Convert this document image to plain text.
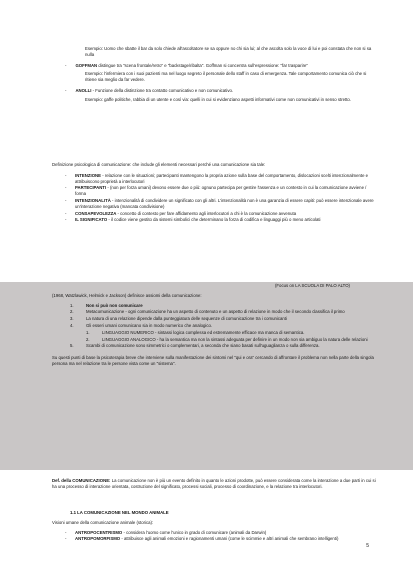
Esempio: Uomo che sbatte il bar da solo chiede all'ascoltatore se sa oppure no chi sia lui; al che ascolta solo la voce di lui e poi constata che non si sa nulla

- GOFFMAN distingue tra "scena frontale/retro" e "backstage/ribalta". Goffman si concentra sull'espressione: "far trasparire"

Esempio: l'infermiera con i suoi pazienti ma nel luogo segreto il personale dello staff in caso di emergenza. Tale comportamento comunica ciò che si ritiene sia meglio da far vedere.

- ANOLLI - Funzione della distinzione tra contatto comunicativo e non comunicativo.

Esempio: gaffe politiche, rabbia di un utente e così via: quelli in cui si evidenziano aspetti informativi come non comunicativi in senso stretto.

Definizione psicologica di comunicazione: che include gli elementi necessari perché una comunicazione sia tale:

- INTENZIONE - relazione con le situazioni; partecipanti mantengono la propria azione sulla base del comportamento, dislocazioni scelti intenzionalmente e attribuiscono proprietà a interlocutori
- PARTECIPANTI - (non per forza umani) devono essere due o più: ognuno partecipa per gestire l'assenza e un contesto in cui la comunicazione avviene / forma
- INTENZIONALITÀ - intenzionalità di condividere un significato con gli altri. L'intenzionalità non è una garanzia di essere capiti: può essere intenzionale avere un'interazione negativa (mancata condivisione)
- CONSAPEVOLEZZA - concetto di contesto per fare affidamento agli interlocutori a chi è la comunicazione avvenuta
- IL SIGNIFICATO - il codice viene gestito da sistemi simbolici che determinano la forza di codifica e linguaggi più o meno articolati

(Focus on LA SCUOLA DI PALO ALTO)

(1968, Watzlawick, Helmick e Jackson) definisce assiomi della comunicazione:

1.	Non si può non comunicare
2.	Metacomunicazione - ogni comunicazione ha un aspetto di contenuto e un aspetto di relazione in modo che il secondo classifica il primo
3.	La natura di una relazione dipende dalla punteggiatura delle sequenze di comunicazione tra i comunicanti
4.	Gli esseri umani comunicano sia in modo numerico che analogico.
1.	LINGUAGGIO NUMERICO - sintassi logica complessa ed estremamente efficace ma manca di semantica.
2.	LINGUAGGIO ANALOGICO - ha la semantica ma non la sintassi adeguata per definire in un modo non sia ambiguo la natura delle relazioni
5.	Scambi di comunicazione sono simmetrici o complementari, a seconda che siano basati sull'uguaglianza o sulla differenza.

Su questi punti di base la psicoterapia breve che interviene sulla manifestazione dei sintomi nel "qui e ora" cercando di affrontare il problema non nella parte della singola persona ma nel relazione tra le persone vista come un "sistema".

Def. della COMUNICAZIONE: La comunicazione non è più un evento definito in quanto le azioni prodotte, può essere considerata come la interazione a due parti in cui si ha una processo di interazione orientata, costruzione del significato, processi sociali, processo di coordinazione, e la relazione tra interlocutori.

1.1 LA COMUNICAZIONE NEL MONDO ANIMALE

Visioni umane della comunicazione animale (storica):

- ANTROPOCENTRISMO - considera l'uomo come l'unico in grado di comunicare (animali da Darwin)
- ANTROPOMORFISMO - attribuisce agli animali emozioni e ragionamenti umani (come le scimmie e altri animali che sembrano intelligenti)
5
